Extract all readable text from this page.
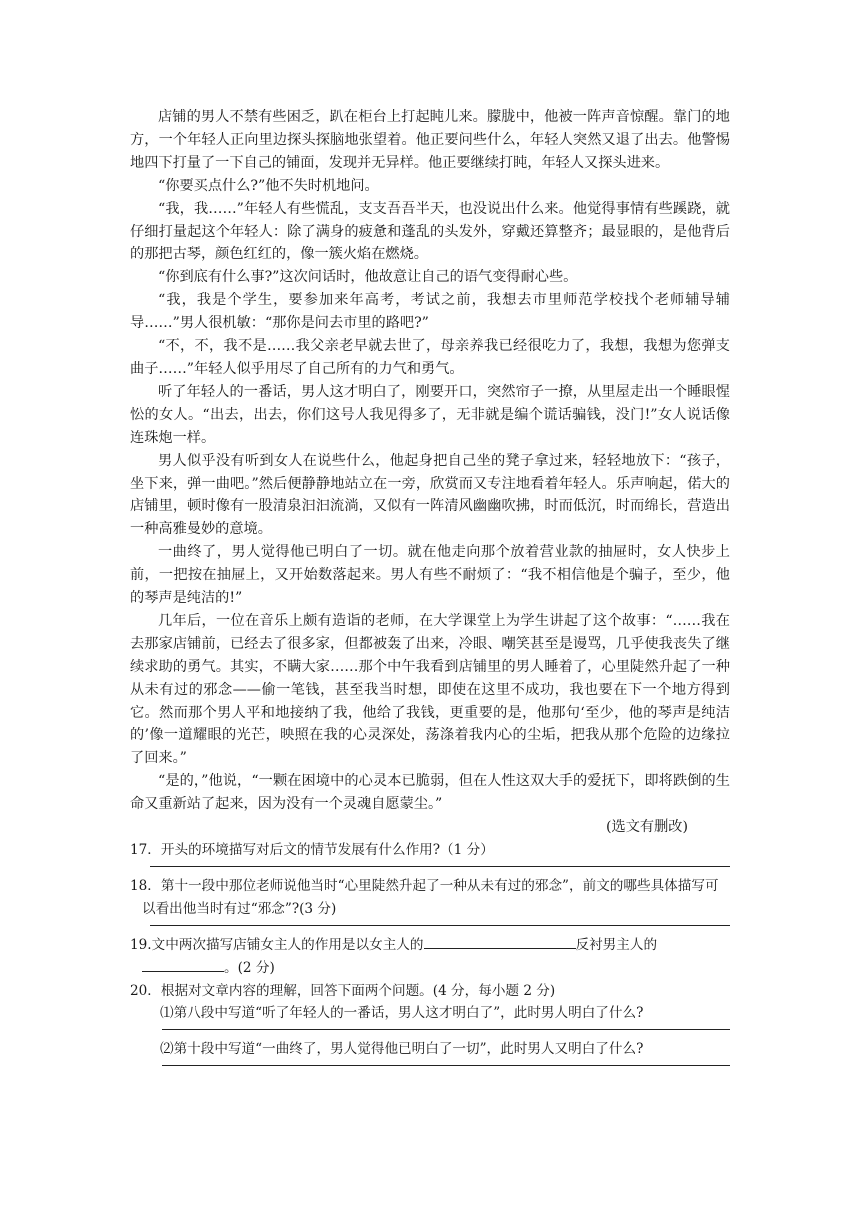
店铺的男人不禁有些困乏，趴在柜台上打起盹儿来。朦胧中，他被一阵声音惊醒。靠门的地方，一个年轻人正向里边探头探脑地张望着。他正要问些什么，年轻人突然又退了出去。他警惕地四下打量了一下自己的铺面，发现并无异样。他正要继续打盹，年轻人又探头进来。

“你要买点什么?”他不失时机地问。

“我，我……”年轻人有些慌乱，支支吾吾半天，也没说出什么来。他觉得事情有些蹊跷，就仔细打量起这个年轻人：除了满身的疲惫和蓬乱的头发外，穿戴还算整齐；最显眼的，是他背后的那把古琴，颜色红红的，像一簇火焰在燃烧。

“你到底有什么事?”这次问话时，他故意让自己的语气变得耐心些。

“我，我是个学生，要参加来年高考，考试之前，我想去市里师范学校找个老师辅导辅导……”男人很机敏：“那你是问去市里的路吧?”

“不，不，我不是……我父亲老早就去世了，母亲养我已经很吃力了，我想，我想为您弹支曲子……”年轻人似乎用尽了自己所有的力气和勇气。

听了年轻人的一番话，男人这才明白了，刚要开口，突然帘子一撩，从里屋走出一个睡眼惺忪的女人。“出去，出去，你们这号人我见得多了，无非就是编个谎话骗钱，没门!”女人说话像连珠炮一样。

男人似乎没有听到女人在说些什么，他起身把自己坐的凳子拿过来，轻轻地放下：“孩子，坐下来，弹一曲吧。”然后便静静地站立在一旁，欣赏而又专注地看着年轻人。乐声响起，偌大的店铺里，顿时像有一股清泉汩汩流淌，又似有一阵清风幽幽吹拂，时而低沉，时而绵长，营造出一种高雅曼妙的意境。

一曲终了，男人觉得他已明白了一切。就在他走向那个放着营业款的抽屉时，女人快步上前，一把按在抽屉上，又开始数落起来。男人有些不耐烦了：“我不相信他是个骗子，至少，他的琴声是纯洁的!”

几年后，一位在音乐上颇有造诣的老师，在大学课堂上为学生讲起了这个故事：“……我在去那家店铺前，已经去了很多家，但都被轰了出来，冷眼、嘲笑甚至是谩骂，几乎使我丧失了继续求助的勇气。其实，不瞒大家……那个中午我看到店铺里的男人睡着了，心里陡然升起了一种从未有过的邪念——偷一笔钱，甚至我当时想，即使在这里不成功，我也要在下一个地方得到它。然而那个男人平和地接纳了我，他给了我钱，更重要的是，他那句‘至少，他的琴声是纯洁的’像一道耀眼的光芒，映照在我的心灵深处，荡涤着我内心的尘垢，把我从那个危险的边缘拉了回来。”

“是的，”他说，“一颗在困境中的心灵本已脆弱，但在人性这双大手的爱抚下，即将跌倒的生命又重新站了起来，因为没有一个灵魂自愿蒙尘。”

(选文有删改)

17．开头的环境描写对后文的情节发展有什么作用?（1 分）

18．第十一段中那位老师说他当时“心里陡然升起了一种从未有过的邪念”，前文的哪些具体描写可以看出他当时有过“邪念”?(3 分)

19.文中两次描写店铺女主人的作用是以女主人的	反衬男主人的。(2 分)

20．根据对文章内容的理解，回答下面两个问题。(4 分，每小题 2 分)

⑴第八段中写道“听了年轻人的一番话，男人这才明白了”，此时男人明白了什么?

⑵第十段中写道“一曲终了，男人觉得他已明白了一切”，此时男人又明白了什么?
